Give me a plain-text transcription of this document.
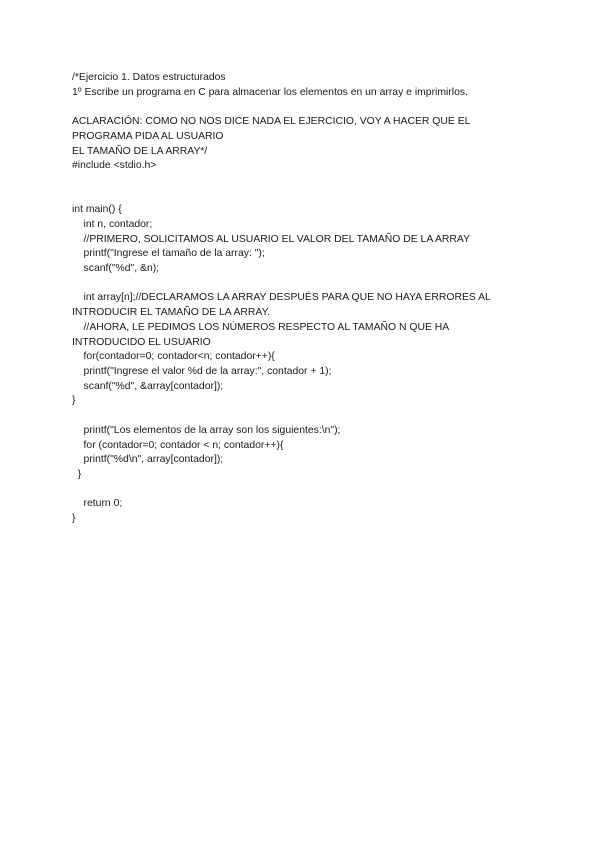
/*Ejercicio 1. Datos estructurados
1º Escribe un programa en C para almacenar los elementos en un array e imprimirlos.
ACLARACIÓN: COMO NO NOS DICE NADA EL EJERCICIO, VOY A HACER QUE EL
PROGRAMA PIDA AL USUARIO
EL TAMAÑO DE LA ARRAY*/
#include <stdio.h>
int main() {
int n, contador;
//PRIMERO, SOLICITAMOS AL USUARIO EL VALOR DEL TAMAÑO DE LA ARRAY
printf("Ingrese el tamaño de la array: ");
scanf("%d", &n);
int array[n];//DECLARAMOS LA ARRAY DESPUÉS PARA QUE NO HAYA ERRORES AL
INTRODUCIR EL TAMAÑO DE LA ARRAY.
//AHORA, LE PEDIMOS LOS NÚMEROS RESPECTO AL TAMAÑO N QUE HA
INTRODUCIDO EL USUARIO
for(contador=0; contador<n; contador++){
printf("Ingrese el valor %d de la array:", contador + 1);
scanf("%d", &array[contador]);
}
printf("Los elementos de la array son los siguientes:\n");
for (contador=0; contador < n; contador++){
printf("%d\n", array[contador]);
}
return 0;
}
